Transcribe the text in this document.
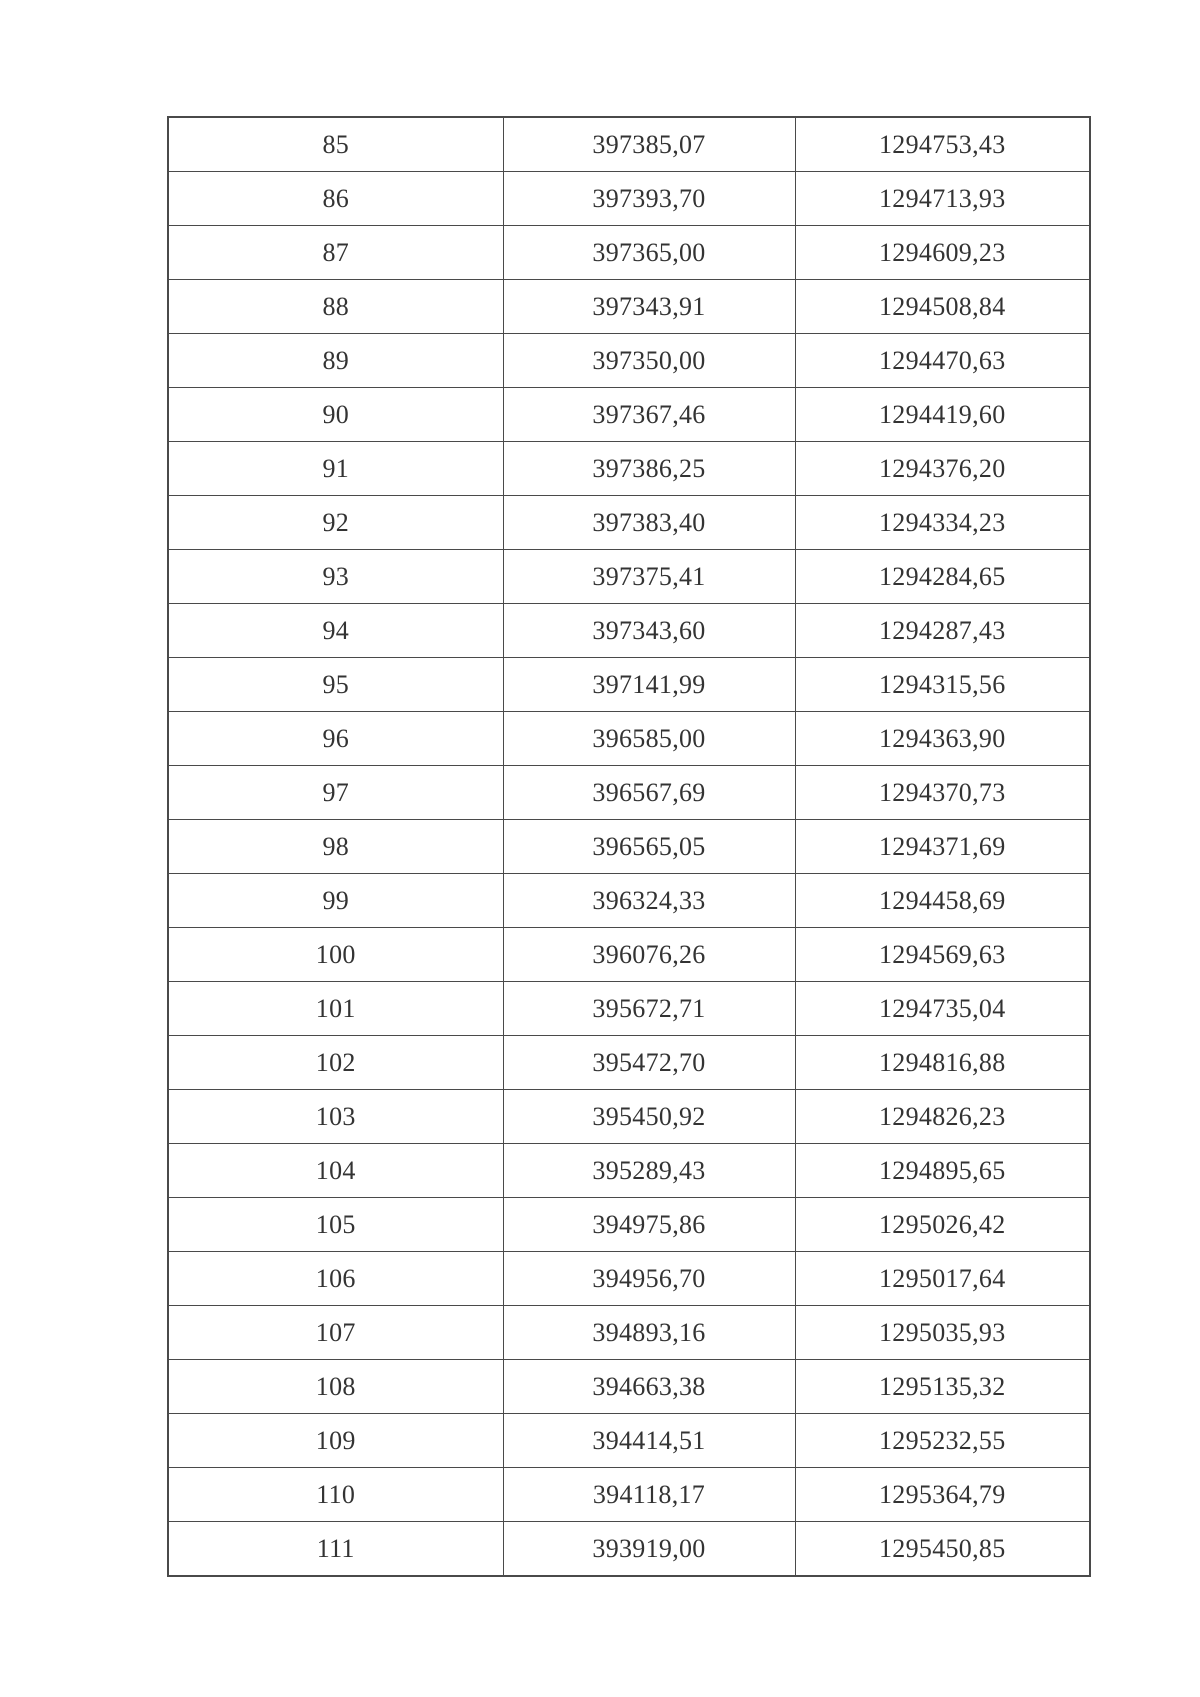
85	397385,07	1294753,43
86	397393,70	1294713,93
87	397365,00	1294609,23
88	397343,91	1294508,84
89	397350,00	1294470,63
90	397367,46	1294419,60
91	397386,25	1294376,20
92	397383,40	1294334,23
93	397375,41	1294284,65
94	397343,60	1294287,43
95	397141,99	1294315,56
96	396585,00	1294363,90
97	396567,69	1294370,73
98	396565,05	1294371,69
99	396324,33	1294458,69
100	396076,26	1294569,63
101	395672,71	1294735,04
102	395472,70	1294816,88
103	395450,92	1294826,23
104	395289,43	1294895,65
105	394975,86	1295026,42
106	394956,70	1295017,64
107	394893,16	1295035,93
108	394663,38	1295135,32
109	394414,51	1295232,55
110	394118,17	1295364,79
111	393919,00	1295450,85
